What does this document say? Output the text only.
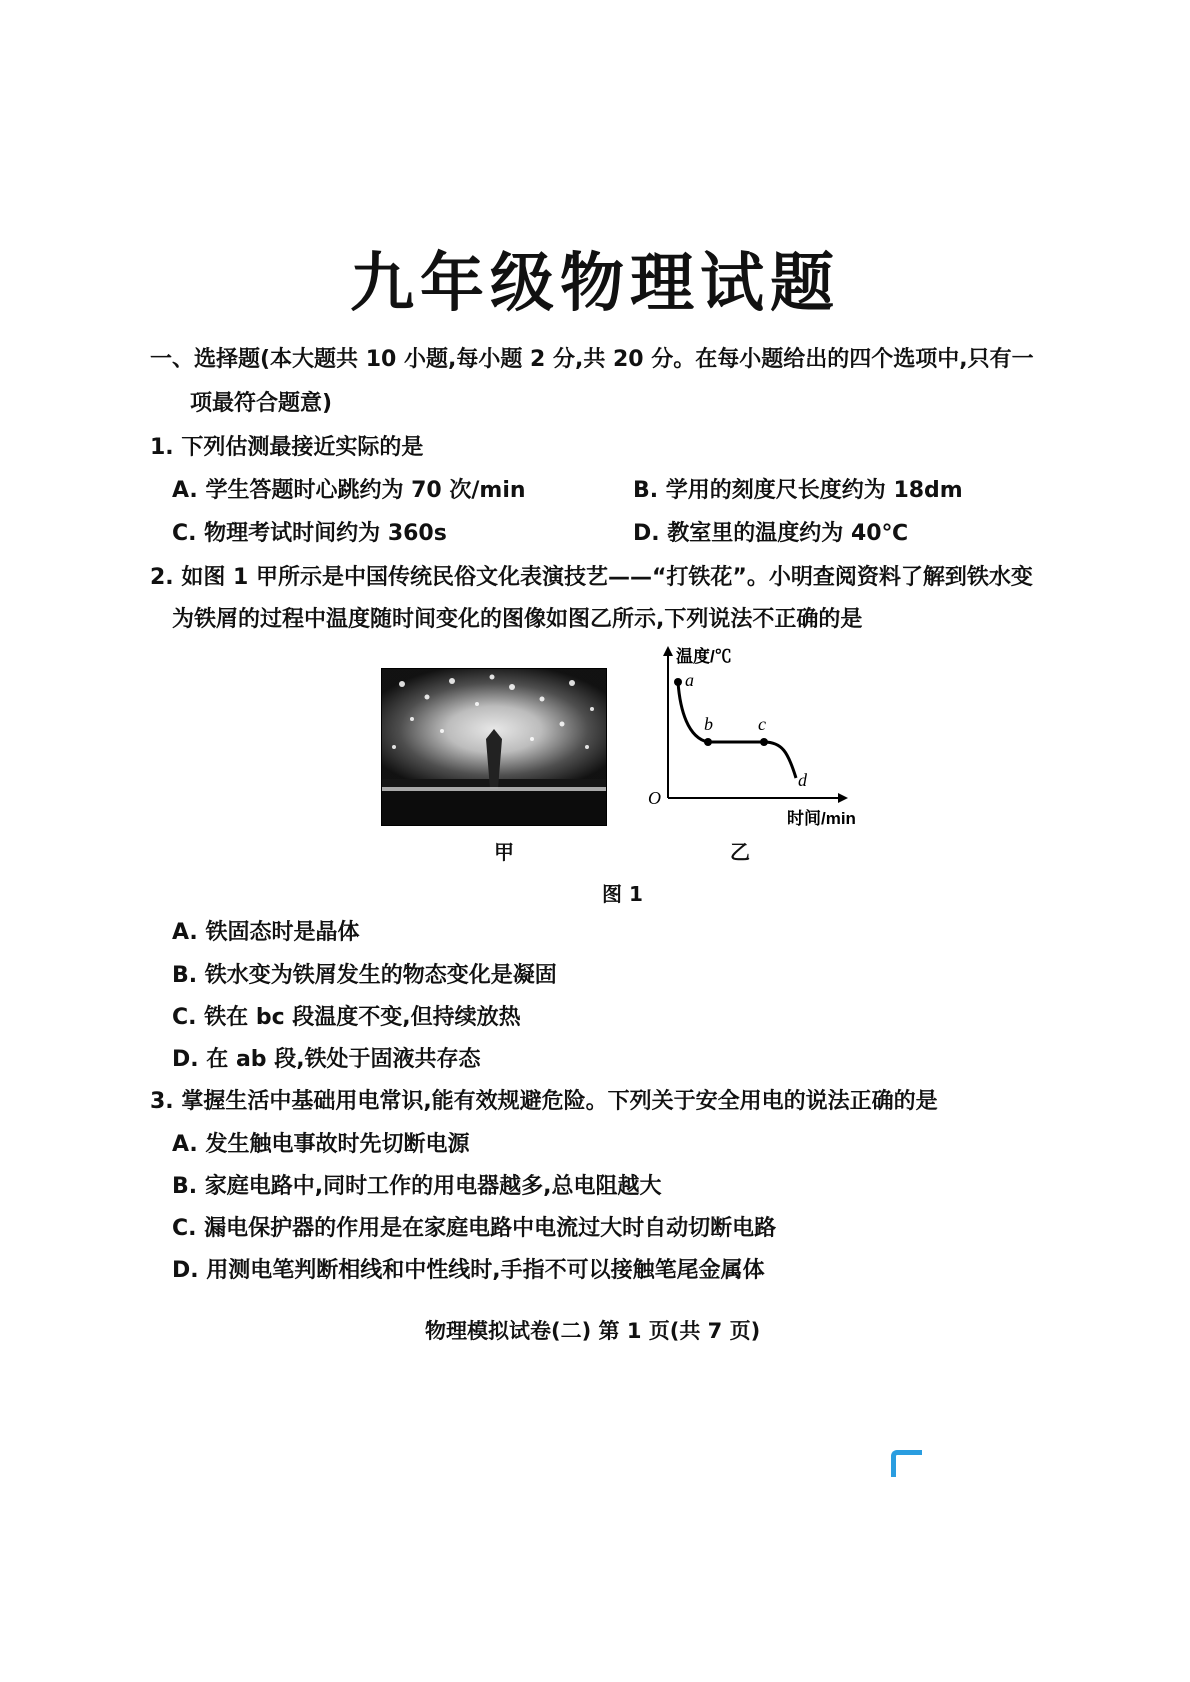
九年级物理试题
一、选择题(本大题共 10 小题,每小题 2 分,共 20 分。在每小题给出的四个选项中,只有一
项最符合题意)
1. 下列估测最接近实际的是
A. 学生答题时心跳约为 70 次/min	B. 学用的刻度尺长度约为 18dm
C. 物理考试时间约为 360s	D. 教室里的温度约为 40℃
2. 如图 1 甲所示是中国传统民俗文化表演技艺——“打铁花”。小明查阅资料了解到铁水变
为铁屑的过程中温度随时间变化的图像如图乙所示,下列说法不正确的是
温度/℃
时间/min
O
a
b	c
d
甲	乙
图 1
A. 铁固态时是晶体
B. 铁水变为铁屑发生的物态变化是凝固
C. 铁在 bc 段温度不变,但持续放热
D. 在 ab 段,铁处于固液共存态
3. 掌握生活中基础用电常识,能有效规避危险。下列关于安全用电的说法正确的是
A. 发生触电事故时先切断电源
B. 家庭电路中,同时工作的用电器越多,总电阻越大
C. 漏电保护器的作用是在家庭电路中电流过大时自动切断电路
D. 用测电笔判断相线和中性线时,手指不可以接触笔尾金属体
物理模拟试卷(二) 第 1 页(共 7 页)
